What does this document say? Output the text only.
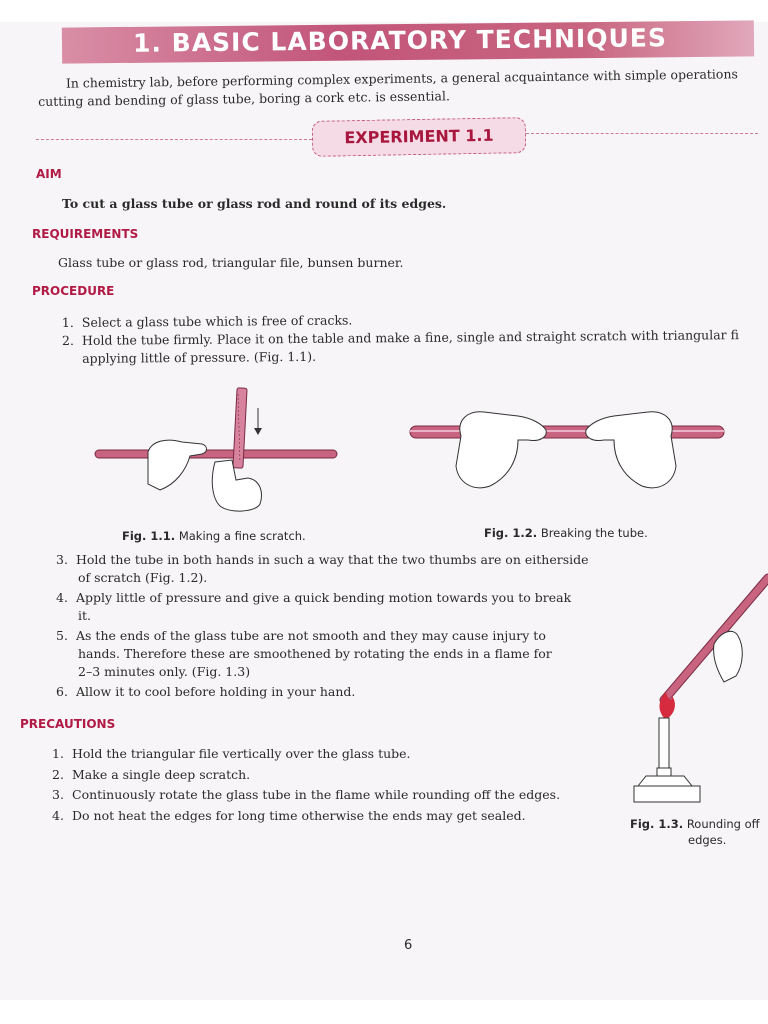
1. BASIC LABORATORY TECHNIQUES
In chemistry lab, before performing complex experiments, a general acquaintance with simple operations
cutting and bending of glass tube, boring a cork etc. is essential.
EXPERIMENT 1.1
AIM
To cut a glass tube or glass rod and round of its edges.
REQUIREMENTS
Glass tube or glass rod, triangular file, bunsen burner.
PROCEDURE
1. Select a glass tube which is free of cracks.
2. Hold the tube firmly. Place it on the table and make a fine, single and straight scratch with triangular fi
applying little of pressure. (Fig. 1.1).
Fig. 1.1. Making a fine scratch.	Fig. 1.2. Breaking the tube.
3. Hold the tube in both hands in such a way that the two thumbs are on eitherside
of scratch (Fig. 1.2).
4. Apply little of pressure and give a quick bending motion towards you to break
it.
5. As the ends of the glass tube are not smooth and they may cause injury to
hands. Therefore these are smoothened by rotating the ends in a flame for
2–3 minutes only. (Fig. 1.3)
6. Allow it to cool before holding in your hand.
Fig. 1.3. Rounding off
edges.
PRECAUTIONS
1. Hold the triangular file vertically over the glass tube.
2. Make a single deep scratch.
3. Continuously rotate the glass tube in the flame while rounding off the edges.
4. Do not heat the edges for long time otherwise the ends may get sealed.
6
